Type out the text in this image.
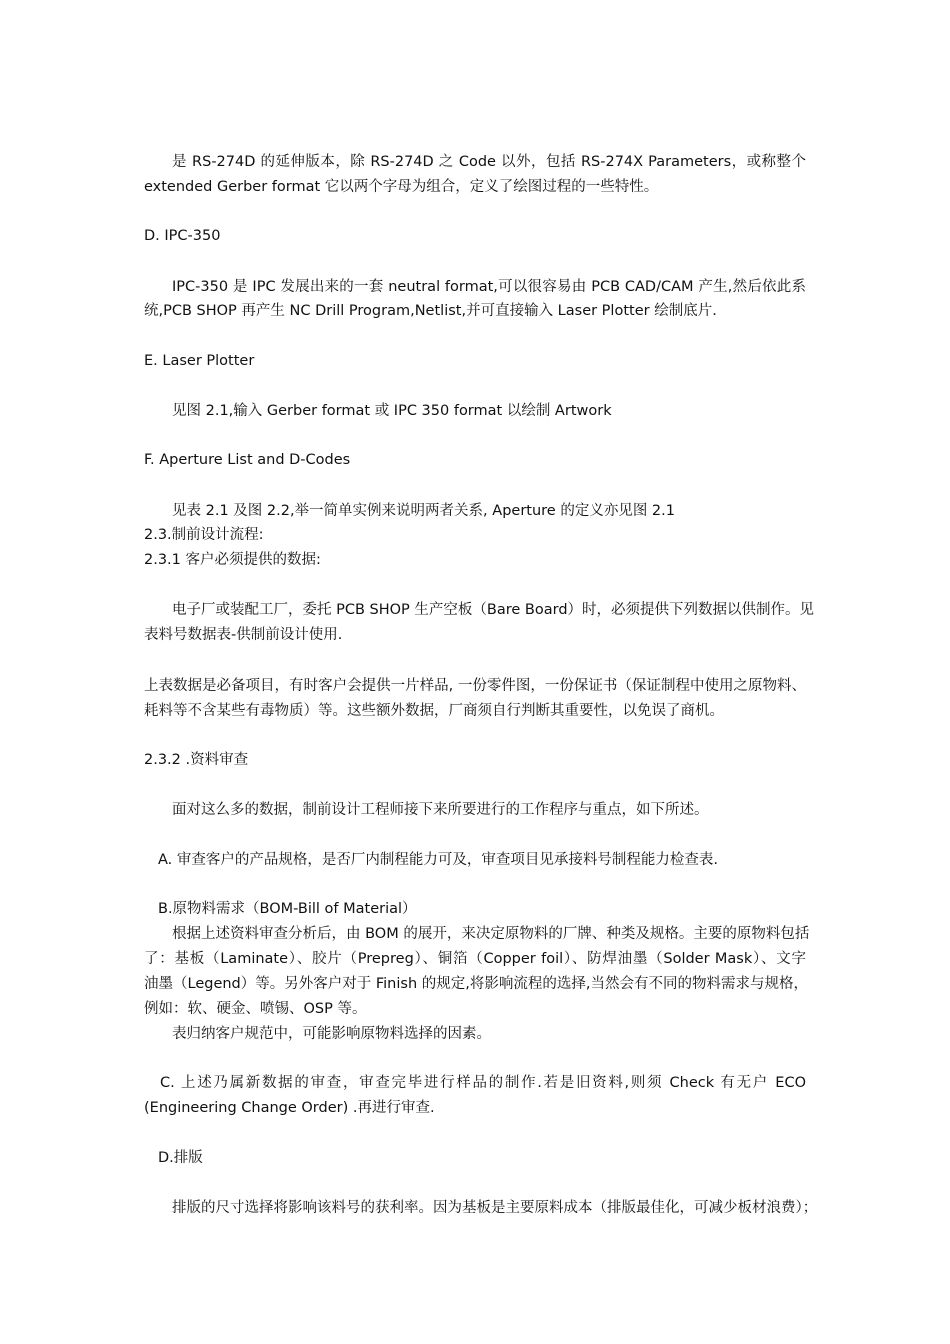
是 RS-274D 的延伸版本，除 RS-274D 之 Code 以外，包括 RS-274X Parameters，或称整个
extended Gerber format 它以两个字母为组合，定义了绘图过程的一些特性。
D. IPC-350
IPC-350 是 IPC 发展出来的一套 neutral format,可以很容易由 PCB CAD/CAM 产生,然后依此系
统,PCB SHOP 再产生 NC Drill Program,Netlist,并可直接输入 Laser Plotter 绘制底片.
E. Laser Plotter
见图 2.1,输入 Gerber format 或 IPC 350 format 以绘制 Artwork
F. Aperture List and D-Codes
见表 2.1 及图 2.2,举一简单实例来说明两者关系, Aperture 的定义亦见图 2.1
2.3.制前设计流程:
2.3.1 客户必须提供的数据:
电子厂或装配工厂，委托 PCB SHOP 生产空板（Bare Board）时，必须提供下列数据以供制作。见
表料号数据表-供制前设计使用.
上表数据是必备项目，有时客户会提供一片样品, 一份零件图，一份保证书（保证制程中使用之原物料、
耗料等不含某些有毒物质）等。这些额外数据，厂商须自行判断其重要性，以免误了商机。
2.3.2 .资料审查
面对这么多的数据，制前设计工程师接下来所要进行的工作程序与重点，如下所述。
A. 审查客户的产品规格，是否厂内制程能力可及，审查项目见承接料号制程能力检查表.
B.原物料需求（BOM-Bill of Material）
根据上述资料审查分析后，由 BOM 的展开，来决定原物料的厂牌、种类及规格。主要的原物料包括
了：基板（Laminate）、胶片（Prepreg）、铜箔（Copper foil）、防焊油墨（Solder Mask）、文字
油墨（Legend）等。另外客户对于 Finish 的规定,将影响流程的选择,当然会有不同的物料需求与规格，
例如：软、硬金、喷锡、OSP 等。
表归纳客户规范中，可能影响原物料选择的因素。
C. 上述乃属新数据的审查，审查完毕进行样品的制作.若是旧资料,则须 Check 有无户 ECO
(Engineering Change Order) .再进行审查.
D.排版
排版的尺寸选择将影响该料号的获利率。因为基板是主要原料成本（排版最佳化，可减少板材浪费）；
